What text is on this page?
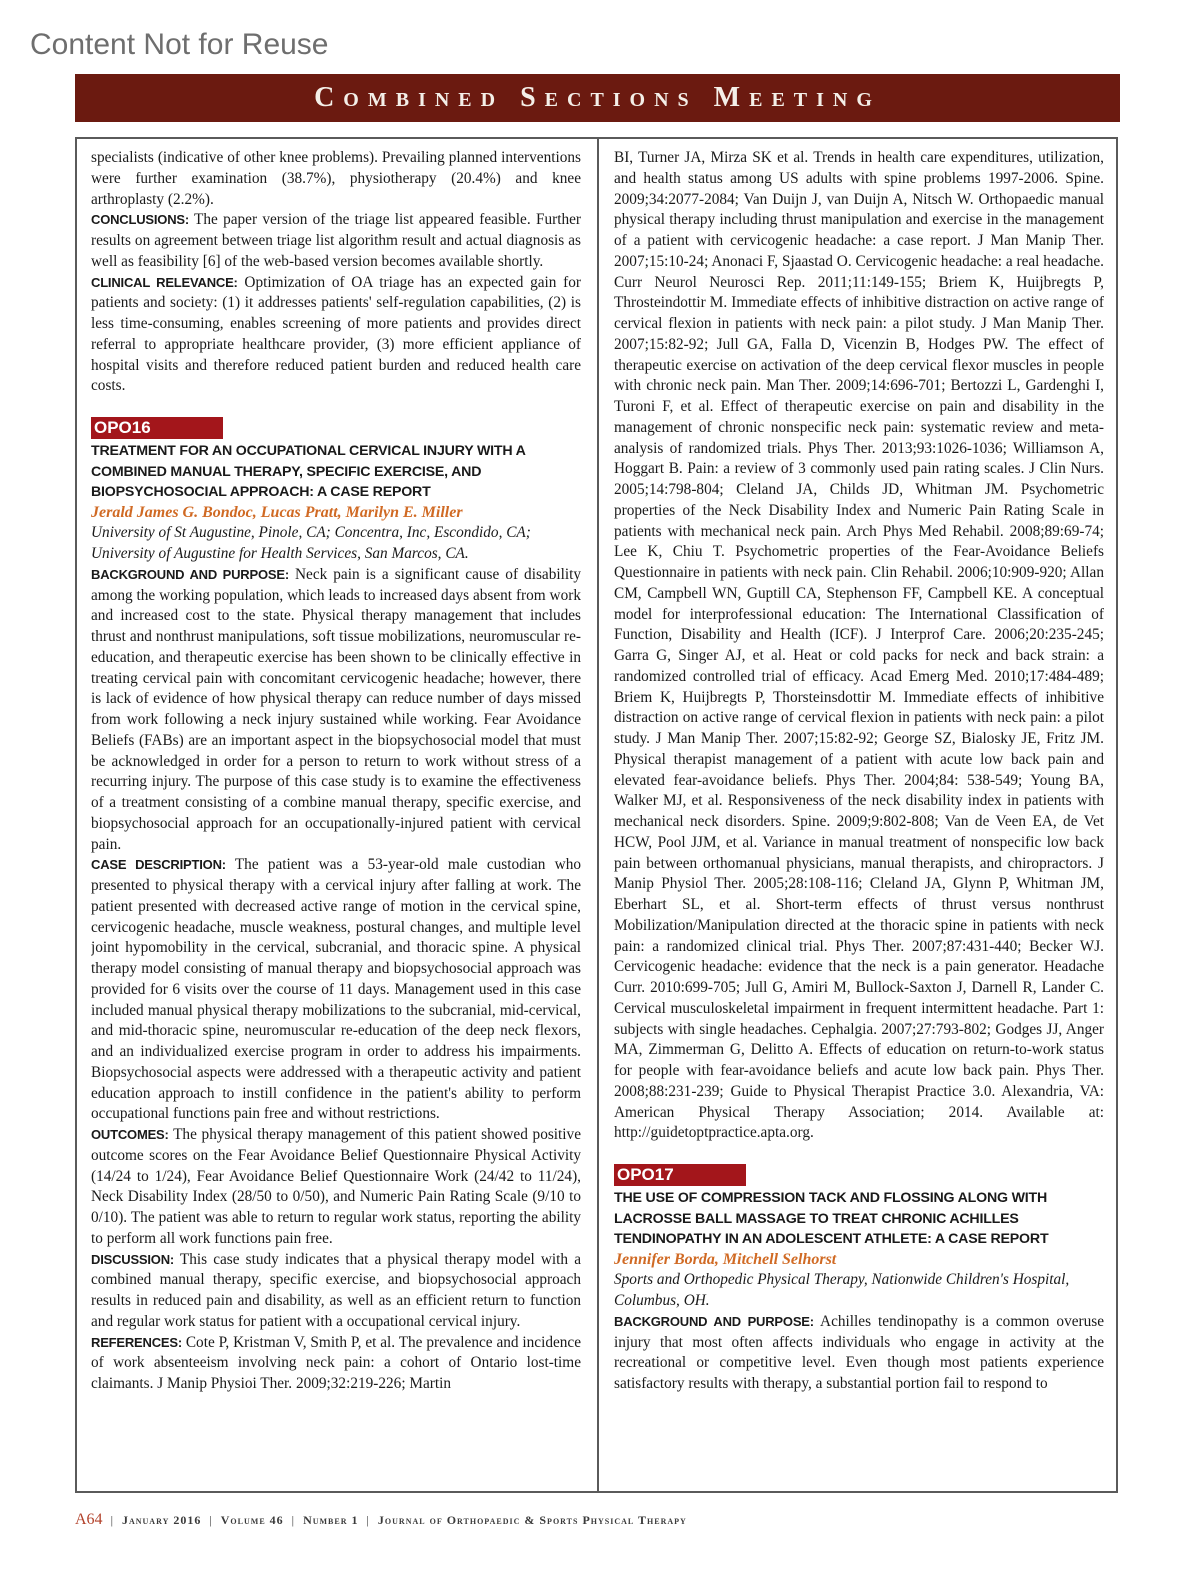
Content Not for Reuse
Combined Sections Meeting

specialists (indicative of other knee problems). Prevailing planned interventions were further examination (38.7%), physiotherapy (20.4%) and knee arthroplasty (2.2%).

CONCLUSIONS: The paper version of the triage list appeared feasible. Further results on agreement between triage list algorithm result and actual diagnosis as well as feasibility [6] of the web-based version becomes available shortly.

CLINICAL RELEVANCE: Optimization of OA triage has an expected gain for patients and society: (1) it addresses patients' self-regulation capabilities, (2) is less time-consuming, enables screening of more patients and provides direct referral to appropriate healthcare provider, (3) more efficient appliance of hospital visits and therefore reduced patient burden and reduced health care costs.

OPO16

TREATMENT FOR AN OCCUPATIONAL CERVICAL INJURY WITH A COMBINED MANUAL THERAPY, SPECIFIC EXERCISE, AND BIOPSYCHOSOCIAL APPROACH: A CASE REPORT

Jerald James G. Bondoc, Lucas Pratt, Marilyn E. Miller

University of St Augustine, Pinole, CA; Concentra, Inc, Escondido, CA; University of Augustine for Health Services, San Marcos, CA.

BACKGROUND AND PURPOSE: Neck pain is a significant cause of disability among the working population, which leads to increased days absent from work and increased cost to the state. Physical therapy management that includes thrust and nonthrust manipulations, soft tissue mobilizations, neuromuscular re-education, and therapeutic exercise has been shown to be clinically effective in treating cervical pain with concomitant cervicogenic headache; however, there is lack of evidence of how physical therapy can reduce number of days missed from work following a neck injury sustained while working. Fear Avoidance Beliefs (FABs) are an important aspect in the biopsychosocial model that must be acknowledged in order for a person to return to work without stress of a recurring injury. The purpose of this case study is to examine the effectiveness of a treatment consisting of a combine manual therapy, specific exercise, and biopsychosocial approach for an occupationally-injured patient with cervical pain.

CASE DESCRIPTION: The patient was a 53-year-old male custodian who presented to physical therapy with a cervical injury after falling at work. The patient presented with decreased active range of motion in the cervical spine, cervicogenic headache, muscle weakness, postural changes, and multiple level joint hypomobility in the cervical, subcranial, and thoracic spine. A physical therapy model consisting of manual therapy and biopsychosocial approach was provided for 6 visits over the course of 11 days. Management used in this case included manual physical therapy mobilizations to the subcranial, mid-cervical, and mid-thoracic spine, neuromuscular re-education of the deep neck flexors, and an individualized exercise program in order to address his impairments. Biopsychosocial aspects were addressed with a therapeutic activity and patient education approach to instill confidence in the patient's ability to perform occupational functions pain free and without restrictions.

OUTCOMES: The physical therapy management of this patient showed positive outcome scores on the Fear Avoidance Belief Questionnaire Physical Activity (14/24 to 1/24), Fear Avoidance Belief Questionnaire Work (24/42 to 11/24), Neck Disability Index (28/50 to 0/50), and Numeric Pain Rating Scale (9/10 to 0/10). The patient was able to return to regular work status, reporting the ability to perform all work functions pain free.

DISCUSSION: This case study indicates that a physical therapy model with a combined manual therapy, specific exercise, and biopsychosocial approach results in reduced pain and disability, as well as an efficient return to function and regular work status for patient with a occupational cervical injury.

REFERENCES: Cote P, Kristman V, Smith P, et al. The prevalence and incidence of work absenteeism involving neck pain: a cohort of Ontario lost-time claimants. J Manip Physioi Ther. 2009;32:219-226; Martin

BI, Turner JA, Mirza SK et al. Trends in health care expenditures, utilization, and health status among US adults with spine problems 1997-2006. Spine. 2009;34:2077-2084; Van Duijn J, van Duijn A, Nitsch W. Orthopaedic manual physical therapy including thrust manipulation and exercise in the management of a patient with cervicogenic headache: a case report. J Man Manip Ther. 2007;15:10-24; Anonaci F, Sjaastad O. Cervicogenic headache: a real headache. Curr Neurol Neurosci Rep. 2011;11:149-155; Briem K, Huijbregts P, Throsteindottir M. Immediate effects of inhibitive distraction on active range of cervical flexion in patients with neck pain: a pilot study. J Man Manip Ther. 2007;15:82-92; Jull GA, Falla D, Vicenzin B, Hodges PW. The effect of therapeutic exercise on activation of the deep cervical flexor muscles in people with chronic neck pain. Man Ther. 2009;14:696-701; Bertozzi L, Gardenghi I, Turoni F, et al. Effect of therapeutic exercise on pain and disability in the management of chronic nonspecific neck pain: systematic review and meta-analysis of randomized trials. Phys Ther. 2013;93:1026-1036; Williamson A, Hoggart B. Pain: a review of 3 commonly used pain rating scales. J Clin Nurs. 2005;14:798-804; Cleland JA, Childs JD, Whitman JM. Psychometric properties of the Neck Disability Index and Numeric Pain Rating Scale in patients with mechanical neck pain. Arch Phys Med Rehabil. 2008;89:69-74; Lee K, Chiu T. Psychometric properties of the Fear-Avoidance Beliefs Questionnaire in patients with neck pain. Clin Rehabil. 2006;10:909-920; Allan CM, Campbell WN, Guptill CA, Stephenson FF, Campbell KE. A conceptual model for interprofessional education: The International Classification of Function, Disability and Health (ICF). J Interprof Care. 2006;20:235-245; Garra G, Singer AJ, et al. Heat or cold packs for neck and back strain: a randomized controlled trial of efficacy. Acad Emerg Med. 2010;17:484-489; Briem K, Huijbregts P, Thorsteinsdottir M. Immediate effects of inhibitive distraction on active range of cervical flexion in patients with neck pain: a pilot study. J Man Manip Ther. 2007;15:82-92; George SZ, Bialosky JE, Fritz JM. Physical therapist management of a patient with acute low back pain and elevated fear-avoidance beliefs. Phys Ther. 2004;84: 538-549; Young BA, Walker MJ, et al. Responsiveness of the neck disability index in patients with mechanical neck disorders. Spine. 2009;9:802-808; Van de Veen EA, de Vet HCW, Pool JJM, et al. Variance in manual treatment of nonspecific low back pain between orthomanual physicians, manual therapists, and chiropractors. J Manip Physiol Ther. 2005;28:108-116; Cleland JA, Glynn P, Whitman JM, Eberhart SL, et al. Short-term effects of thrust versus nonthrust Mobilization/Manipulation directed at the thoracic spine in patients with neck pain: a randomized clinical trial. Phys Ther. 2007;87:431-440; Becker WJ. Cervicogenic headache: evidence that the neck is a pain generator. Headache Curr. 2010:699-705; Jull G, Amiri M, Bullock-Saxton J, Darnell R, Lander C. Cervical musculoskeletal impairment in frequent intermittent headache. Part 1: subjects with single headaches. Cephalgia. 2007;27:793-802; Godges JJ, Anger MA, Zimmerman G, Delitto A. Effects of education on return-to-work status for people with fear-avoidance beliefs and acute low back pain. Phys Ther. 2008;88:231-239; Guide to Physical Therapist Practice 3.0. Alexandria, VA: American Physical Therapy Association; 2014. Available at: http://guidetoptpractice.apta.org.

OPO17

THE USE OF COMPRESSION TACK AND FLOSSING ALONG WITH LACROSSE BALL MASSAGE TO TREAT CHRONIC ACHILLES TENDINOPATHY IN AN ADOLESCENT ATHLETE: A CASE REPORT

Jennifer Borda, Mitchell Selhorst

Sports and Orthopedic Physical Therapy, Nationwide Children's Hospital, Columbus, OH.

BACKGROUND AND PURPOSE: Achilles tendinopathy is a common overuse injury that most often affects individuals who engage in activity at the recreational or competitive level. Even though most patients experience satisfactory results with therapy, a substantial portion fail to respond to

A64 | January 2016 | Volume 46 | Number 1 | Journal of Orthopaedic & Sports Physical Therapy
